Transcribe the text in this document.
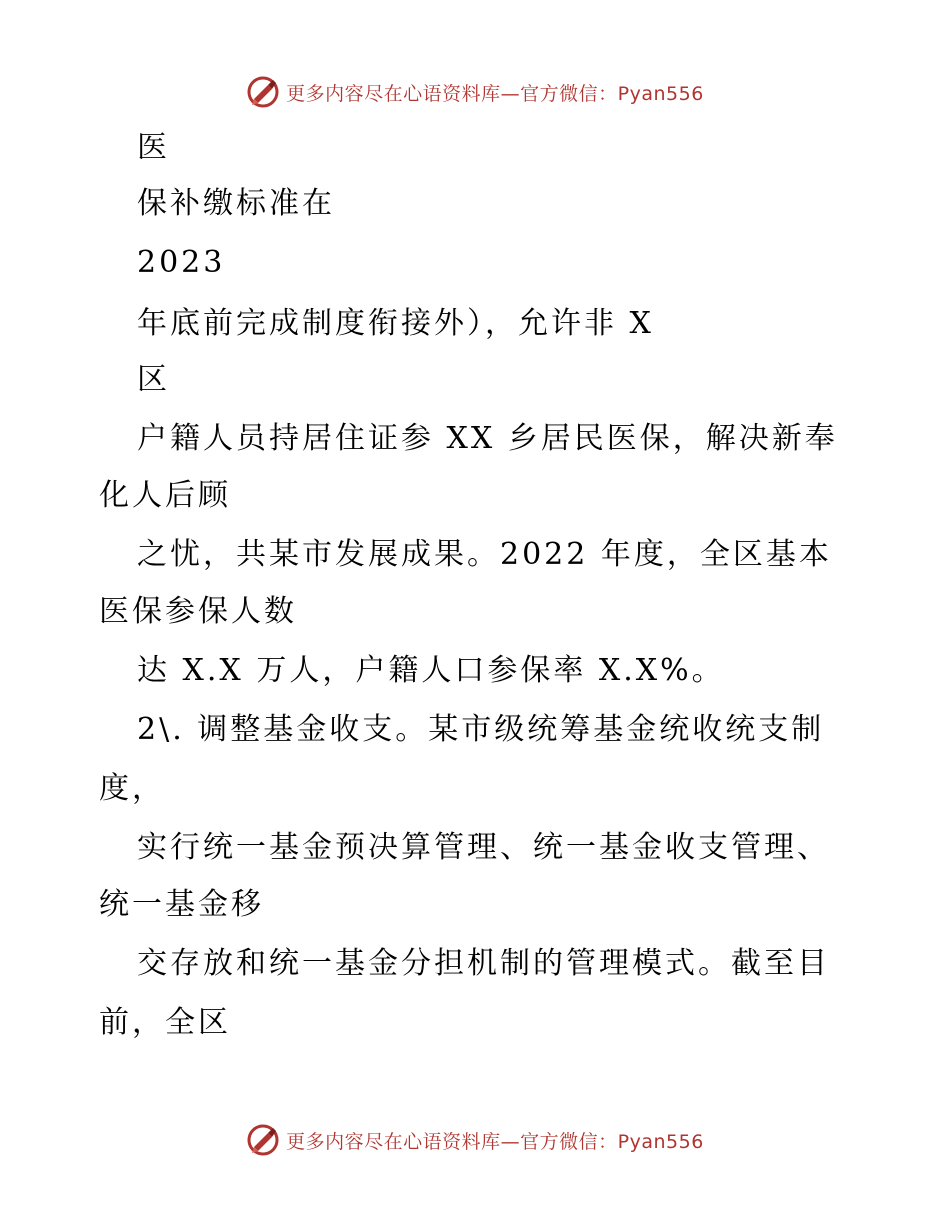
更多内容尽在心语资料库—官方微信：Pyan556
医
保补缴标准在
2023
年底前完成制度衔接外），允许非 X
区
户籍人员持居住证参 XX 乡居民医保，解决新奉
化人后顾
之忧，共某市发展成果。2022 年度，全区基本
医保参保人数
达 X.X 万人，户籍人口参保率 X.X%。
2\. 调整基金收支。某市级统筹基金统收统支制
度，
实行统一基金预决算管理、统一基金收支管理、
统一基金移
交存放和统一基金分担机制的管理模式。截至目
前，全区
更多内容尽在心语资料库—官方微信：Pyan556
